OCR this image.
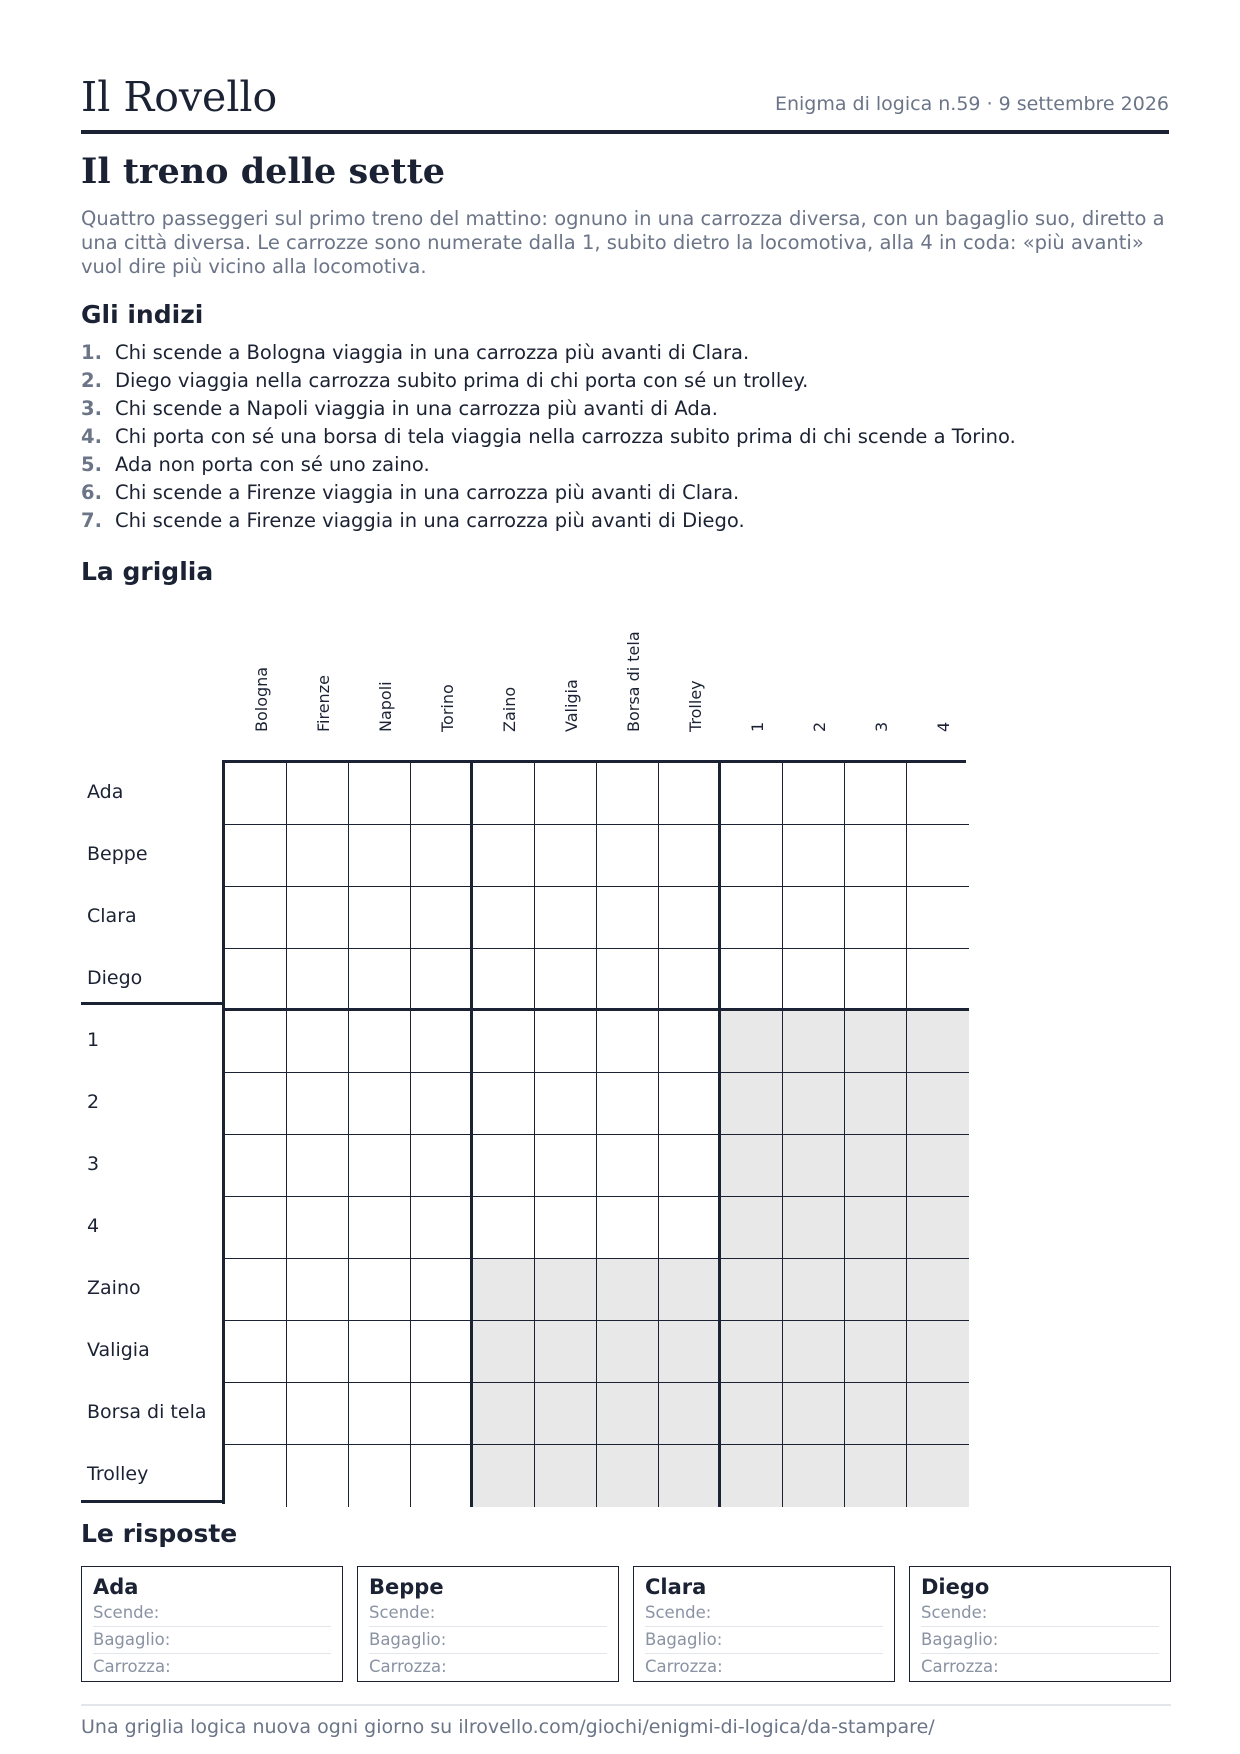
Il Rovello	Enigma di logica n.59 · 9 settembre 2026
Il treno delle sette

Quattro passeggeri sul primo treno del mattino: ognuno in una carrozza diversa, con un bagaglio suo, diretto a una città diversa. Le carrozze sono numerate dalla 1, subito dietro la locomotiva, alla 4 in coda: «più avanti» vuol dire più vicino alla locomotiva.

Gli indizi
1. Chi scende a Bologna viaggia in una carrozza più avanti di Clara.
2. Diego viaggia nella carrozza subito prima di chi porta con sé un trolley.
3. Chi scende a Napoli viaggia in una carrozza più avanti di Ada.
4. Chi porta con sé una borsa di tela viaggia nella carrozza subito prima di chi scende a Torino.
5. Ada non porta con sé uno zaino.
6. Chi scende a Firenze viaggia in una carrozza più avanti di Clara.
7. Chi scende a Firenze viaggia in una carrozza più avanti di Diego.
La griglia
Bologna	Firenze	Napoli	Torino	Zaino	Valigia	Borsa di tela	Trolley	1	2	3	4
Ada
Beppe
Clara
Diego
1
2
3
4
Zaino
Valigia
Borsa di tela
Trolley
Le risposte
Ada
Scende:
Bagaglio:
Carrozza:
Beppe
Scende:
Bagaglio:
Carrozza:
Clara
Scende:
Bagaglio:
Carrozza:
Diego
Scende:
Bagaglio:
Carrozza:
Una griglia logica nuova ogni giorno su ilrovello.com/giochi/enigmi-di-logica/da-stampare/
